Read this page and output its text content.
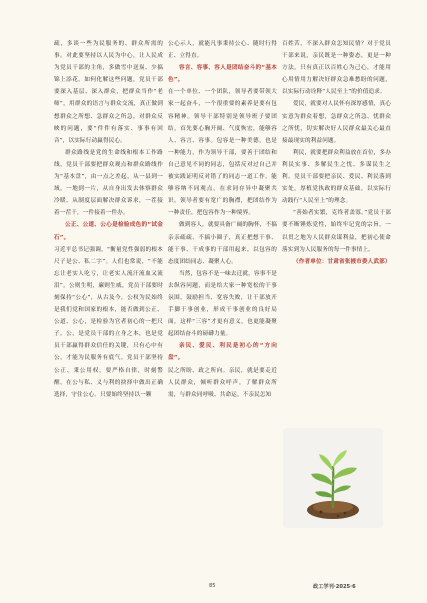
疏，多谈一些为民服务的、群众所需的事。对此要坚持以人民为中心，让人民成为党员干部的主角，多做雪中送炭、少搞锦上添花。如何化解这些问题，党员干部要深入基层、深入群众，把群众当作“老师”，用群众的语言与群众交流，真正做到想群众之所想、急群众之所急，对群众反映的问题，要“件件有落实、事事有回音”，以实际行动赢得民心。

群众路线是党的生命线和根本工作路线，党员干部要把群众观点和群众路线作为“基本盘”，由一点之差起，从一县到一域，一地到一片，从自身出发去体察群众冷暖、从制度层面解决群众诉求，一茬接着一茬干，一件接着一件办。

公正、公道、公心是检验成色的“试金石”。

习近平总书记强调，“衡量党性强弱的根本尺子是公、私二字”。人们也常说，“不能忘让老实人吃亏，让老实人流汗流血又流泪”。公则生明，廉则生威，党员干部要时刻保持“公心”，从古及今，公权为民始终是我们党和国家的根本，能否做到公正、公道、公心，是检验为官者初心的一把尺子。公，是党员干部的立身之本，也是党员干部赢得群众信任的关键，只有心中有公，才能为民服务有底气。党员干部坚持公正、秉公用权，要严格自律，时刻警醒，在公与私、义与利的抉择中做出正确选择，守住公心。只要始终坚持以一颗

公心示人，就能凡事秉持公心、随时行得正、立得直。

容言、容事、容人是团结奋斗的“基本色”。

在一个单位、一个团队，领导者要带领大家一起奋斗，一个很重要的素养是要有包容精神。领导干部特别是领导班子要团结，首先要心胸开阔、气度恢宏，能够容人、容言、容事。包容是一种美德，也是一种能力，作为领导干部，要善于团结和自己意见不同的同志，包括反对过自己并被实践证明反对错了的同志一道工作，能够容纳不同观点，在求同存异中凝聚共识。领导者要有宽广的胸襟，把团结作为一种责任，把包容作为一种境界。

做到容人，就要具备广阔的胸怀，不搞亲亲疏疏、不搞小圈子，真正把想干事、能干事、干成事的干部用起来，以包容的态度团结同志、凝聚人心。

当然，包容不是一味去迁就，容事不是去纵容问题，而是给大家一种宽松的干事氛围，鼓励担当、宽容失败，让干部放开手脚干事创业，形成干事创业的良好局面，这样“三容”才更有意义，也更能凝聚起团结奋斗的磅礴力量。

亲民、爱民、利民是初心的“方向盘”。

民之所盼、政之所向。亲民，就是要走近人民群众，倾听群众呼声，了解群众所需，与群众同呼吸、共命运。不亲民怎知

百姓苦，不深入群众怎知民情？对于党员干部来说，亲民既是一种姿态，更是一种方法，只有真正以百姓心为己心，才能用心用情用力解决好群众急难愁盼的问题，以实际行动诠释“人民至上”的价值追求。

爱民，就要对人民怀有深厚感情，真心实意为群众着想，急群众之所急、忧群众之所忧，切实解决好人民群众最关心最直接最现实的利益问题。

利民，就要把群众利益放在首位，多办利民实事、多解民生之忧、多谋民生之利。党员干部要把亲民、爱民、利民落到实处，厚植党执政的群众基础，以实际行动践行“人民至上”的理念。

“善始者实繁，克终者盖寡。”党员干部要不断锤炼党性，始终牢记党的宗旨，一以贯之地为人民群众谋利益，把初心使命落实到为人民服务的每一件事情上。

（作者单位：甘肃省张掖市委人武部）

85	政工学刊·2025·6
